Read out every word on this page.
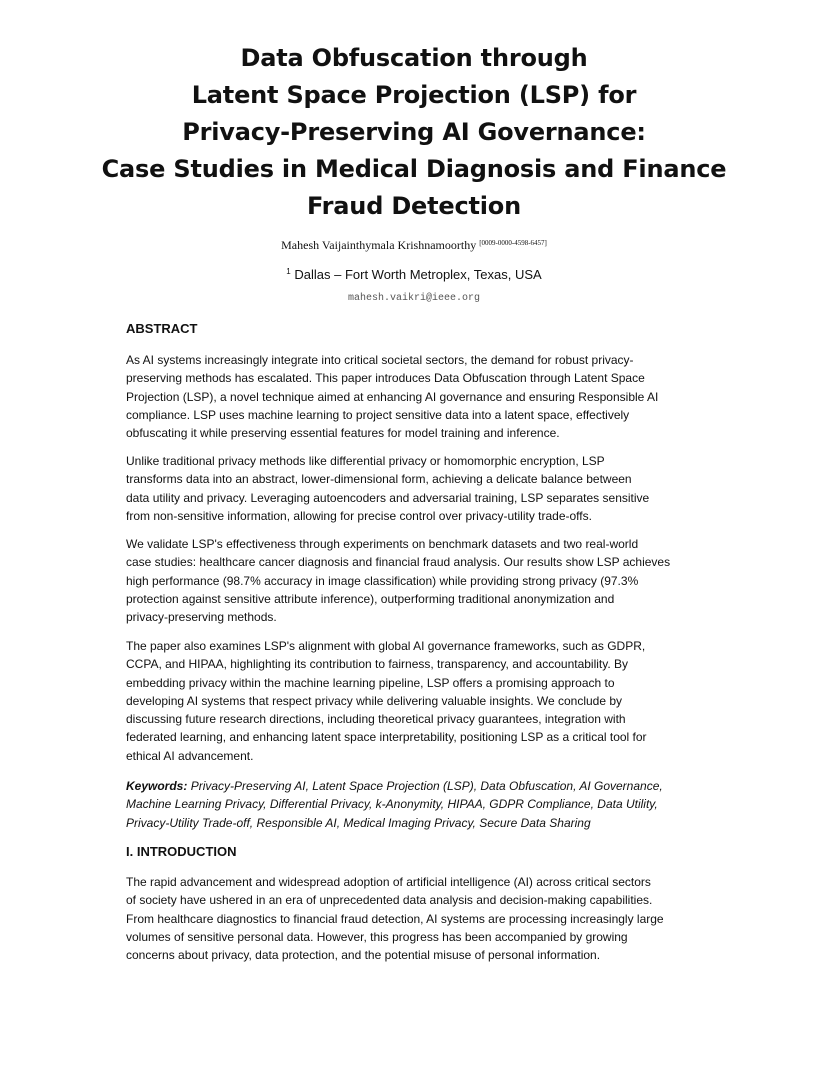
Data Obfuscation through
Latent Space Projection (LSP) for
Privacy-Preserving AI Governance:
Case Studies in Medical Diagnosis and Finance
Fraud Detection
Mahesh Vaijainthymala Krishnamoorthy [0009-0000-4598-6457]
$^1$ Dallas – Fort Worth Metroplex, Texas, USA
mahesh.vaikri@ieee.org
ABSTRACT
As AI systems increasingly integrate into critical societal sectors, the demand for robust privacy-
preserving methods has escalated. This paper introduces Data Obfuscation through Latent Space
Projection (LSP), a novel technique aimed at enhancing AI governance and ensuring Responsible AI
compliance. LSP uses machine learning to project sensitive data into a latent space, effectively
obfuscating it while preserving essential features for model training and inference.
Unlike traditional privacy methods like differential privacy or homomorphic encryption, LSP
transforms data into an abstract, lower-dimensional form, achieving a delicate balance between
data utility and privacy. Leveraging autoencoders and adversarial training, LSP separates sensitive
from non-sensitive information, allowing for precise control over privacy-utility trade-offs.
We validate LSP's effectiveness through experiments on benchmark datasets and two real-world
case studies: healthcare cancer diagnosis and financial fraud analysis. Our results show LSP achieves
high performance (98.7% accuracy in image classification) while providing strong privacy (97.3%
protection against sensitive attribute inference), outperforming traditional anonymization and
privacy-preserving methods.
The paper also examines LSP's alignment with global AI governance frameworks, such as GDPR,
CCPA, and HIPAA, highlighting its contribution to fairness, transparency, and accountability. By
embedding privacy within the machine learning pipeline, LSP offers a promising approach to
developing AI systems that respect privacy while delivering valuable insights. We conclude by
discussing future research directions, including theoretical privacy guarantees, integration with
federated learning, and enhancing latent space interpretability, positioning LSP as a critical tool for
ethical AI advancement.
Keywords: Privacy-Preserving AI, Latent Space Projection (LSP), Data Obfuscation, AI Governance,
Machine Learning Privacy, Differential Privacy, k-Anonymity, HIPAA, GDPR Compliance, Data Utility,
Privacy-Utility Trade-off, Responsible AI, Medical Imaging Privacy, Secure Data Sharing
I. INTRODUCTION
The rapid advancement and widespread adoption of artificial intelligence (AI) across critical sectors
of society have ushered in an era of unprecedented data analysis and decision-making capabilities.
From healthcare diagnostics to financial fraud detection, AI systems are processing increasingly large
volumes of sensitive personal data. However, this progress has been accompanied by growing
concerns about privacy, data protection, and the potential misuse of personal information.
